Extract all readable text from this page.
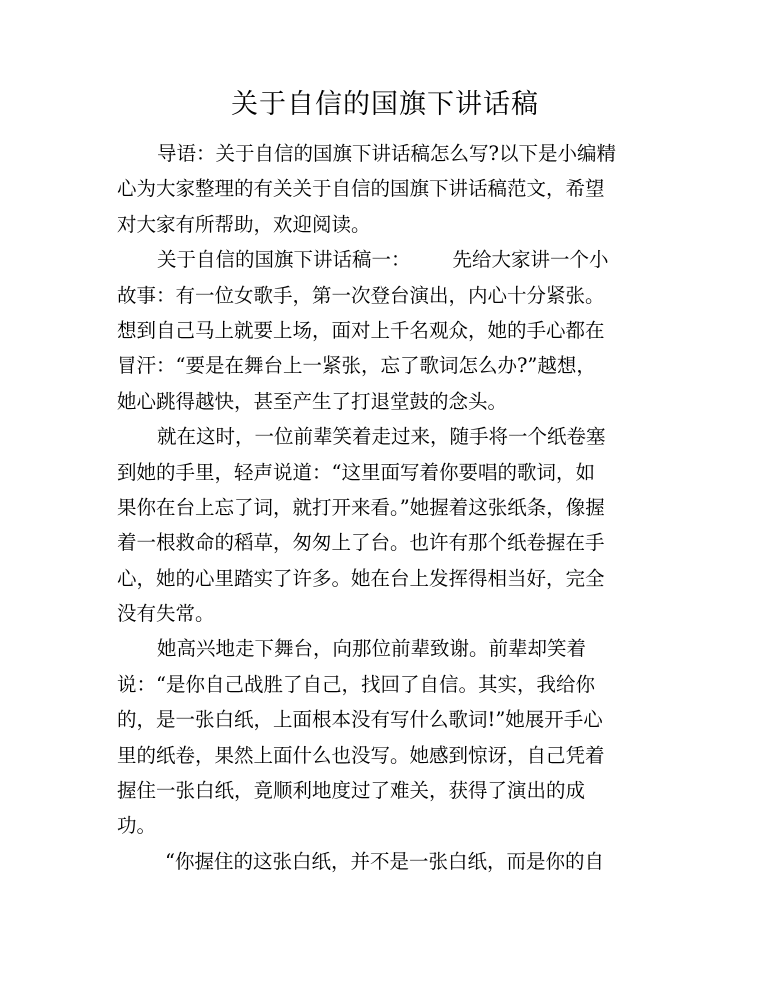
关于自信的国旗下讲话稿
导语：关于自信的国旗下讲话稿怎么写?以下是小编精
心为大家整理的有关关于自信的国旗下讲话稿范文，希望
对大家有所帮助，欢迎阅读。
关于自信的国旗下讲话稿一： 先给大家讲一个小
故事：有一位女歌手，第一次登台演出，内心十分紧张。
想到自己马上就要上场，面对上千名观众，她的手心都在
冒汗：“要是在舞台上一紧张，忘了歌词怎么办?”越想，
她心跳得越快，甚至产生了打退堂鼓的念头。
就在这时，一位前辈笑着走过来，随手将一个纸卷塞
到她的手里，轻声说道：“这里面写着你要唱的歌词，如
果你在台上忘了词，就打开来看。”她握着这张纸条，像握
着一根救命的稻草，匆匆上了台。也许有那个纸卷握在手
心，她的心里踏实了许多。她在台上发挥得相当好，完全
没有失常。
她高兴地走下舞台，向那位前辈致谢。前辈却笑着
说：“是你自己战胜了自己，找回了自信。其实，我给你
的，是一张白纸，上面根本没有写什么歌词!”她展开手心
里的纸卷，果然上面什么也没写。她感到惊讶，自己凭着
握住一张白纸，竟顺利地度过了难关，获得了演出的成
功。
“你握住的这张白纸，并不是一张白纸，而是你的自
